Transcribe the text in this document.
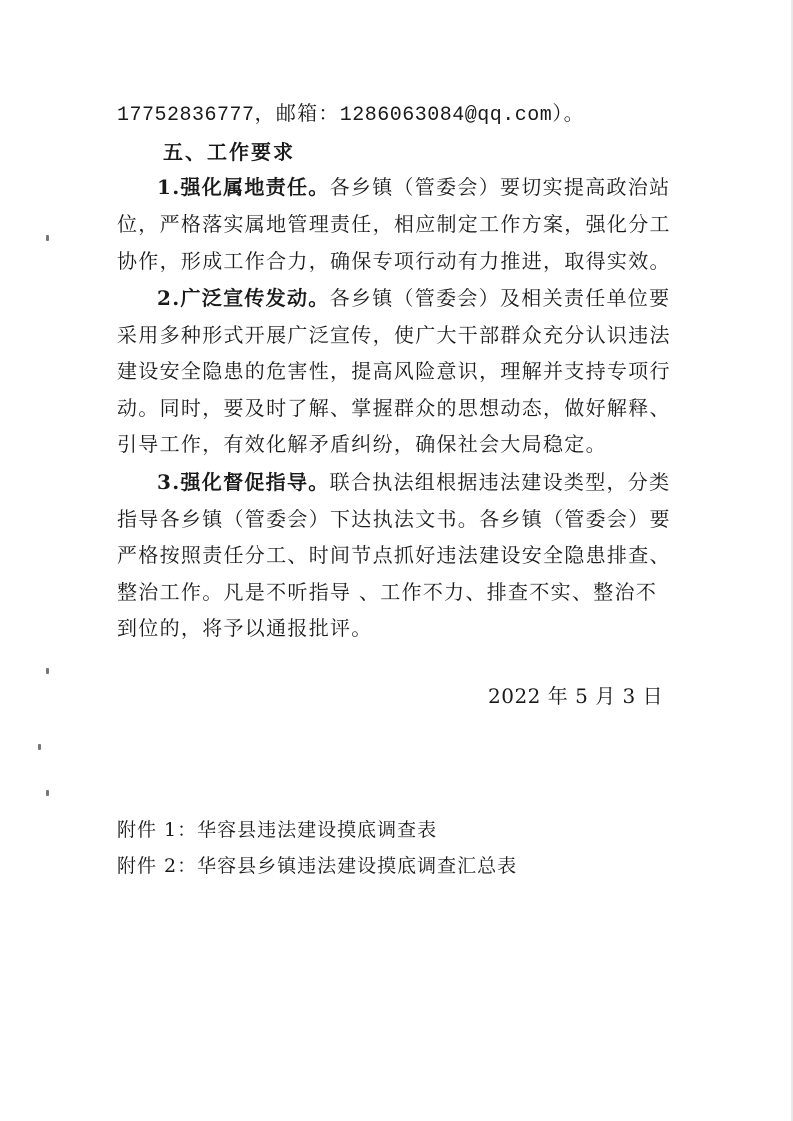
17752836777，邮箱：1286063084@qq.com）。
五、工作要求
1.强化属地责任。各乡镇（管委会）要切实提高政治站
位，严格落实属地管理责任，相应制定工作方案，强化分工
协作，形成工作合力，确保专项行动有力推进，取得实效。
2.广泛宣传发动。各乡镇（管委会）及相关责任单位要
采用多种形式开展广泛宣传，使广大干部群众充分认识违法
建设安全隐患的危害性，提高风险意识，理解并支持专项行
动。同时，要及时了解、掌握群众的思想动态，做好解释、
引导工作，有效化解矛盾纠纷，确保社会大局稳定。
3.强化督促指导。联合执法组根据违法建设类型，分类
指导各乡镇（管委会）下达执法文书。各乡镇（管委会）要
严格按照责任分工、时间节点抓好违法建设安全隐患排查、
整治工作。凡是不听指导 、工作不力、排查不实、整治不
到位的，将予以通报批评。
2022 年 5 月 3 日
附件 1：华容县违法建设摸底调查表
附件 2：华容县乡镇违法建设摸底调查汇总表
